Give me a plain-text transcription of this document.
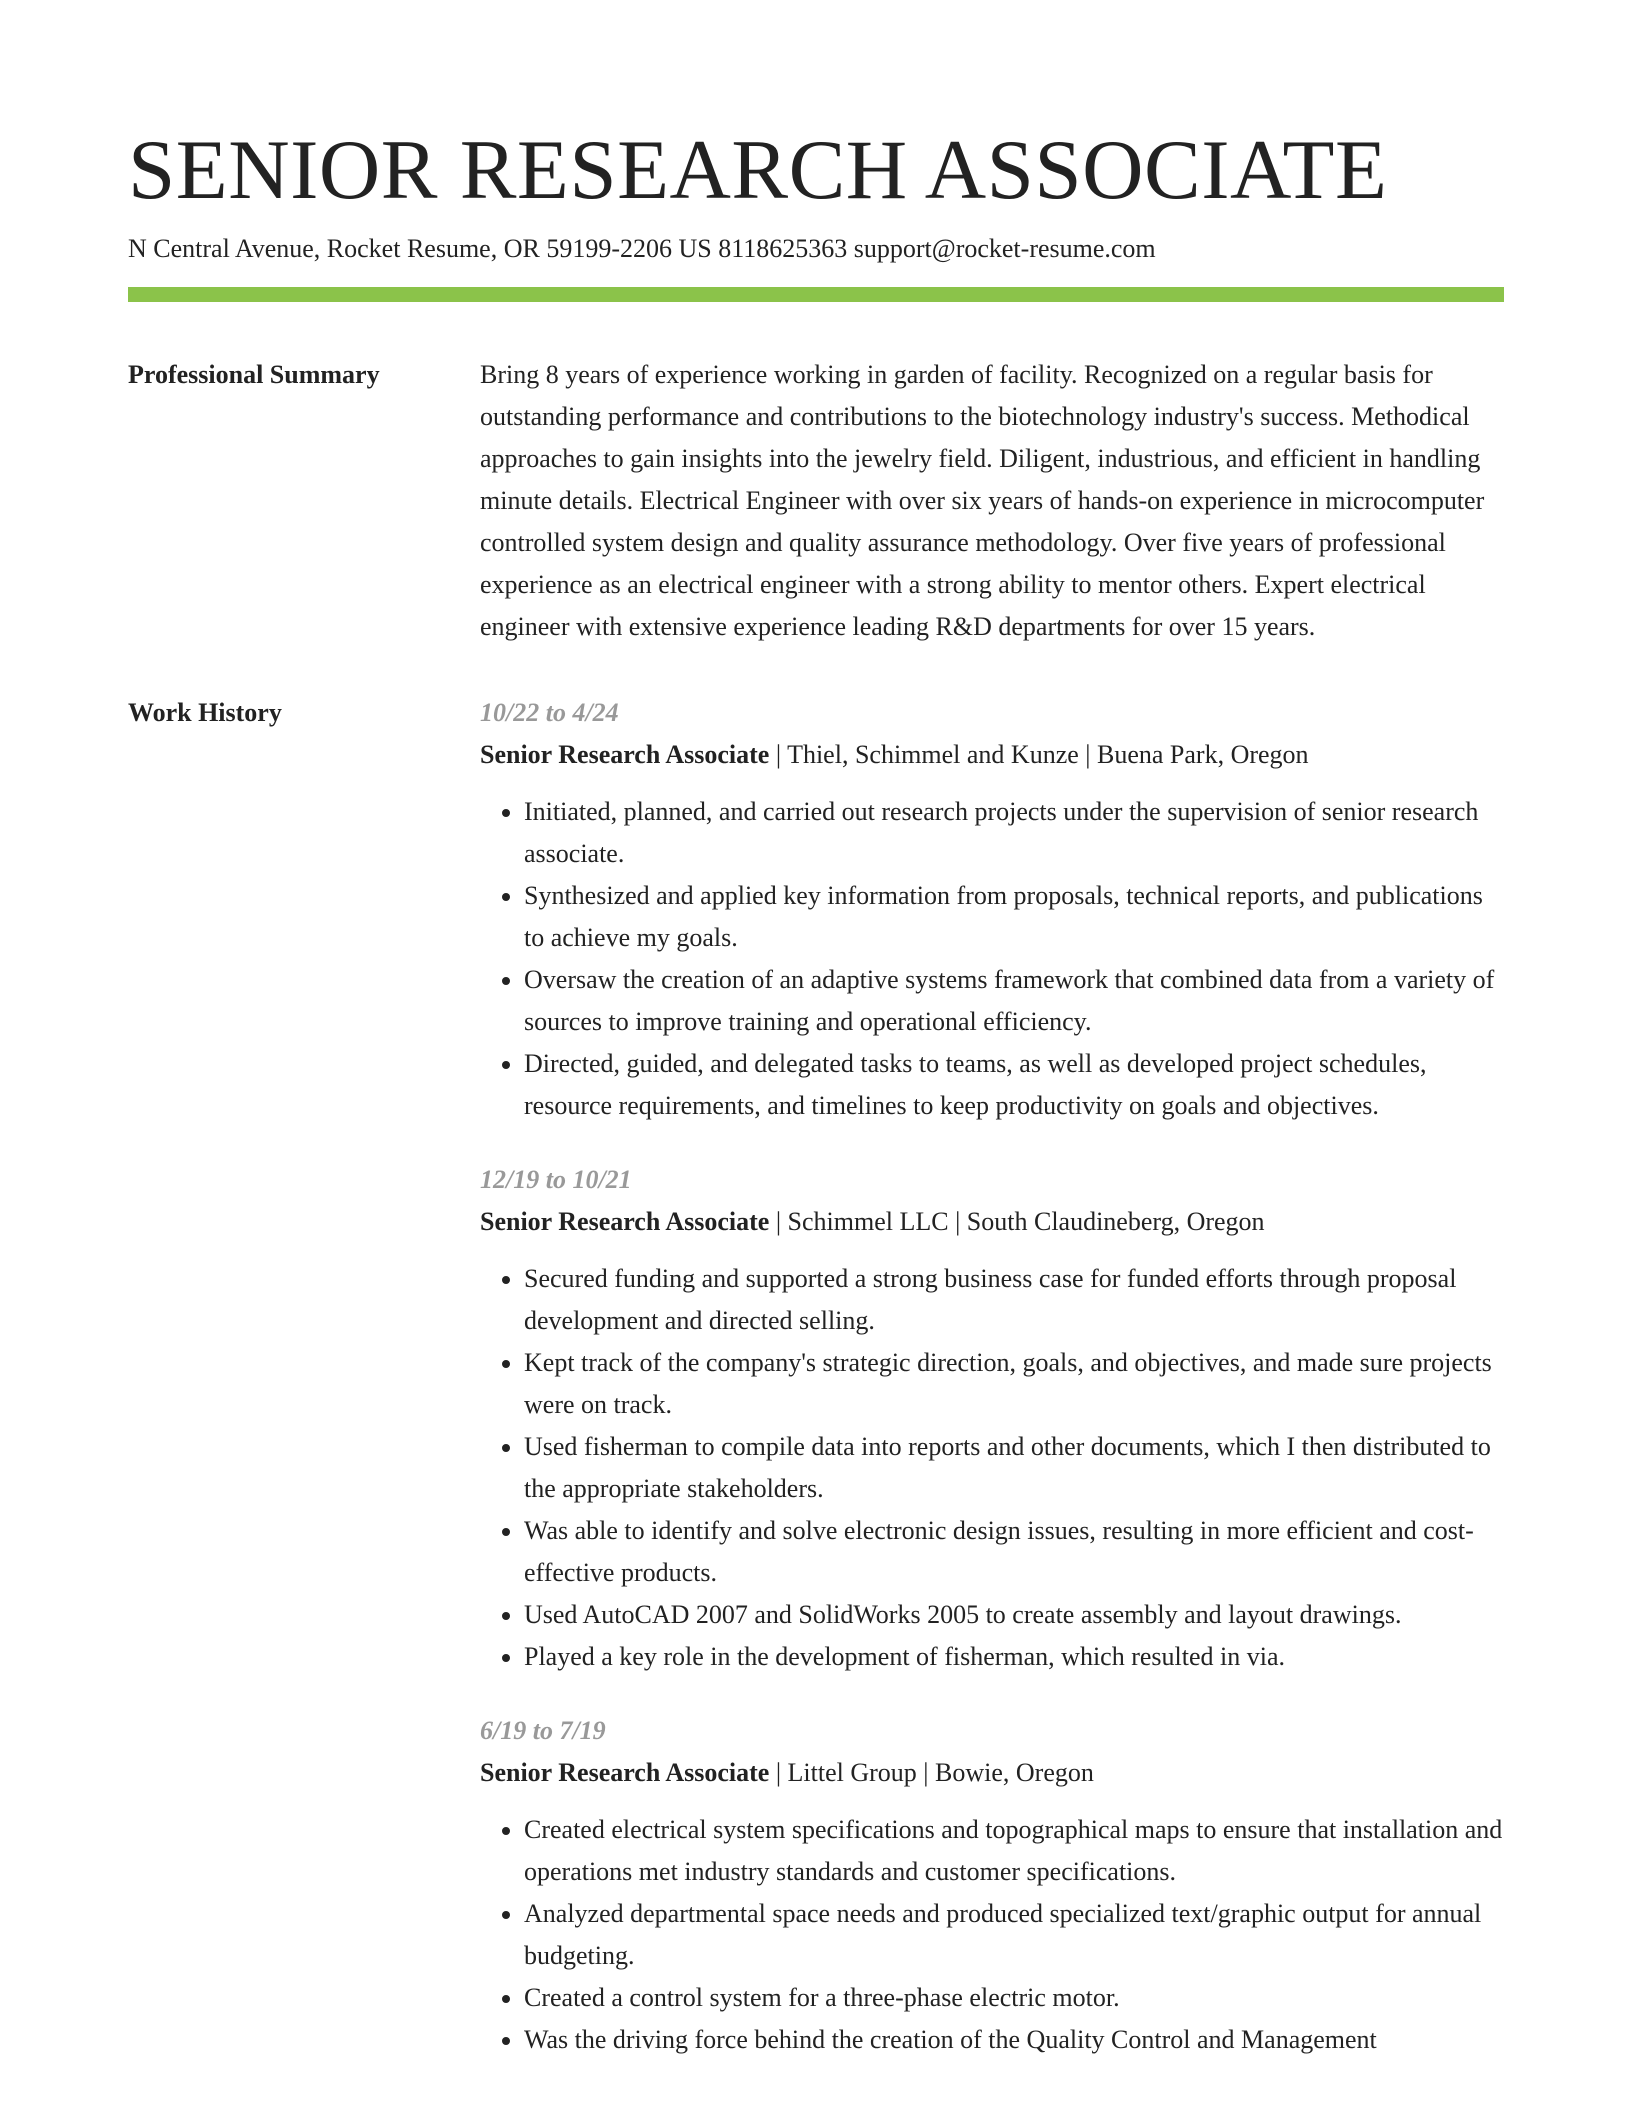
SENIOR RESEARCH ASSOCIATE
N Central Avenue, Rocket Resume, OR 59199-2206 US 8118625363 support@rocket-resume.com
Professional Summary	Bring 8 years of experience working in garden of facility. Recognized on a regular basis for outstanding performance and contributions to the biotechnology industry's success. Methodical approaches to gain insights into the jewelry field. Diligent, industrious, and efficient in handling minute details. Electrical Engineer with over six years of hands-on experience in microcomputer controlled system design and quality assurance methodology. Over five years of professional experience as an electrical engineer with a strong ability to mentor others. Expert electrical engineer with extensive experience leading R&D departments for over 15 years.

Work History	10/22 to 4/24
Senior Research Associate | Thiel, Schimmel and Kunze | Buena Park, Oregon
• Initiated, planned, and carried out research projects under the supervision of senior research associate.
• Synthesized and applied key information from proposals, technical reports, and publications to achieve my goals.
• Oversaw the creation of an adaptive systems framework that combined data from a variety of sources to improve training and operational efficiency.
• Directed, guided, and delegated tasks to teams, as well as developed project schedules, resource requirements, and timelines to keep productivity on goals and objectives.
12/19 to 10/21
Senior Research Associate | Schimmel LLC | South Claudineberg, Oregon
• Secured funding and supported a strong business case for funded efforts through proposal development and directed selling.
• Kept track of the company's strategic direction, goals, and objectives, and made sure projects were on track.
• Used fisherman to compile data into reports and other documents, which I then distributed to the appropriate stakeholders.
• Was able to identify and solve electronic design issues, resulting in more efficient and cost-effective products.
• Used AutoCAD 2007 and SolidWorks 2005 to create assembly and layout drawings.
• Played a key role in the development of fisherman, which resulted in via.
6/19 to 7/19
Senior Research Associate | Littel Group | Bowie, Oregon
• Created electrical system specifications and topographical maps to ensure that installation and operations met industry standards and customer specifications.
• Analyzed departmental space needs and produced specialized text/graphic output for annual budgeting.
• Created a control system for a three-phase electric motor.
• Was the driving force behind the creation of the Quality Control and Management
